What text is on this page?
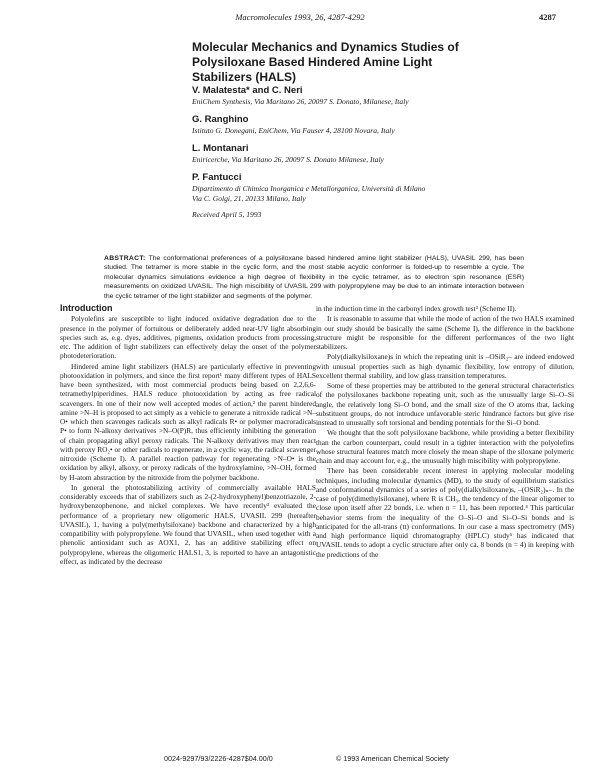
Macromolecules 1993, 26, 4287-4292	4287
Molecular Mechanics and Dynamics Studies of Polysiloxane Based Hindered Amine Light Stabilizers (HALS)
V. Malatesta* and C. Neri
EniChem Synthesis, Via Maritano 26, 20097 S. Donato, Milanese, Italy
G. Ranghino
Istituto G. Donegani, EniChem, Via Fauser 4, 28100 Novara, Italy
L. Montanari
Eniricerche, Via Maritano 26, 20097 S. Donato Milanese, Italy
P. Fantucci
Dipartimento di Chimica Inorganica e Metallorganica, Università di Milano
Via C. Golgi, 21, 20133 Milano, Italy
Received April 5, 1993
ABSTRACT: The conformational preferences of a polysiloxane based hindered amine light stabilizer (HALS), UVASIL 299, has been studied. The tetramer is more stable in the cyclic form, and the most stable acyclic conformer is folded-up to resemble a cycle. The molecular dynamics simulations evidence a high degree of flexibility in the cyclic tetramer, as to electron spin resonance (ESR) measurements on oxidized UVASIL. The high miscibility of UVASIL 299 with polypropylene may be due to an intimate interaction between the cyclic tetramer of the light stabilizer and segments of the polymer.

Introduction

Polyolefins are susceptible to light induced oxidative degradation due to the presence in the polymer of fortuitous or deliberately added near-UV light absorbing species such as, e.g. dyes, additives, pigments, oxidation products from processing, etc. The addition of light stabilizers can effectively delay the onset of the polymer photodeterioration.

Hindered amine light stabilizers (HALS) are particularly effective in preventing photooxidation in polymers, and since the first report¹ many different types of HALS have been synthesized, with most commercial products being based on 2,2,6,6-tetramethylpiperidines. HALS reduce photooxidation by acting as free radical scavengers. In one of their now well accepted modes of action,² the parent hindered amine >N–H is proposed to act simply as a vehicle to generate a nitroxide radical >N–O• which then scavenges radicals such as alkyl radicals R• or polymer macroradicals P• to form N-alkoxy derivatives >N–O(P)R, thus efficiently inhibiting the generation of chain propagating alkyl peroxy radicals. The N-alkoxy derivatives may then react with peroxy RO₂• or other radicals to regenerate, in a cyclic way, the radical scavenger nitroxide (Scheme I). A parallel reaction pathway for regenerating >N–O• is the oxidation by alkyl, alkoxy, or peroxy radicals of the hydroxylamine, >N–OH, formed by H-atom abstraction by the nitroxide from the polymer backbone.

In general the photostabilizing activity of commercially available HALS considerably exceeds that of stabilizers such as 2-(2-hydroxyphenyl)benzotriazole, 2-hydroxybenzophenone, and nickel complexes. We have recently³ evaluated the performance of a proprietary new oligomeric HALS, UVASIL 299 (hereafter UVASIL), 1, having a poly(methylsiloxane) backbone and characterized by a high compatibility with polypropylene. We found that UVASIL, when used together with a phenolic antioxidant such as AOX1, 2, has an additive stabilizing effect on polypropylene, whereas the oligomeric HALS1, 3, is reported to have an antagonistic effect, as indicated by the decrease

in the induction time in the carbonyl index growth test³ (Scheme II).

It is reasonable to assume that while the mode of action of the two HALS examined in our study should be basically the same (Scheme I), the difference in the backbone structure might be responsible for the different performances of the two light stabilizers.

Poly(dialkylsiloxane)s in which the repeating unit is –OSiR₂– are indeed endowed with unusual properties such as high dynamic flexibility, low entropy of dilution, excellent thermal stability, and low glass transition temperatures.

Some of these properties may be attributed to the general structural characteristics of the polysiloxanes backbone repeating unit, such as the unusually large Si–O–Si angle, the relatively long Si–O bond, and the small size of the O atoms that, lacking substituent groups, do not introduce unfavorable steric hindrance factors but give rise instead to unusually soft torsional and bending potentials for the Si–O bond.

We thought that the soft polysiloxane backbone, while providing a better flexibility than the carbon counterpart, could result in a tighter interaction with the polyolefins whose structural features match more closely the mean shape of the siloxane polymeric chain and may account for, e.g., the unusually high miscibility with polypropylene.

There has been considerable recent interest in applying molecular modeling techniques, including molecular dynamics (MD), to the study of equilibrium statistics and conformational dynamics of a series of poly(dialkylsiloxane)s, –(OSiR₂)ₙ–. In the case of poly(dimethylsiloxane), where R is CH₃, the tendency of the linear oligomer to close upon itself after 22 bonds, i.e. when n = 11, has been reported.⁴ This particular behavior stems from the inequality of the O–Si–O and Si–O–Si bonds and is anticipated for the all-trans (tt) conformations. In our case a mass spectrometry (MS) and high performance liquid chromatography (HPLC) study⁵ has indicated that UVASIL tends to adopt a cyclic structure after only ca. 8 bonds (n = 4) in keeping with the predictions of the

0024-9297/93/2226-4287$04.00/0	© 1993 American Chemical Society
